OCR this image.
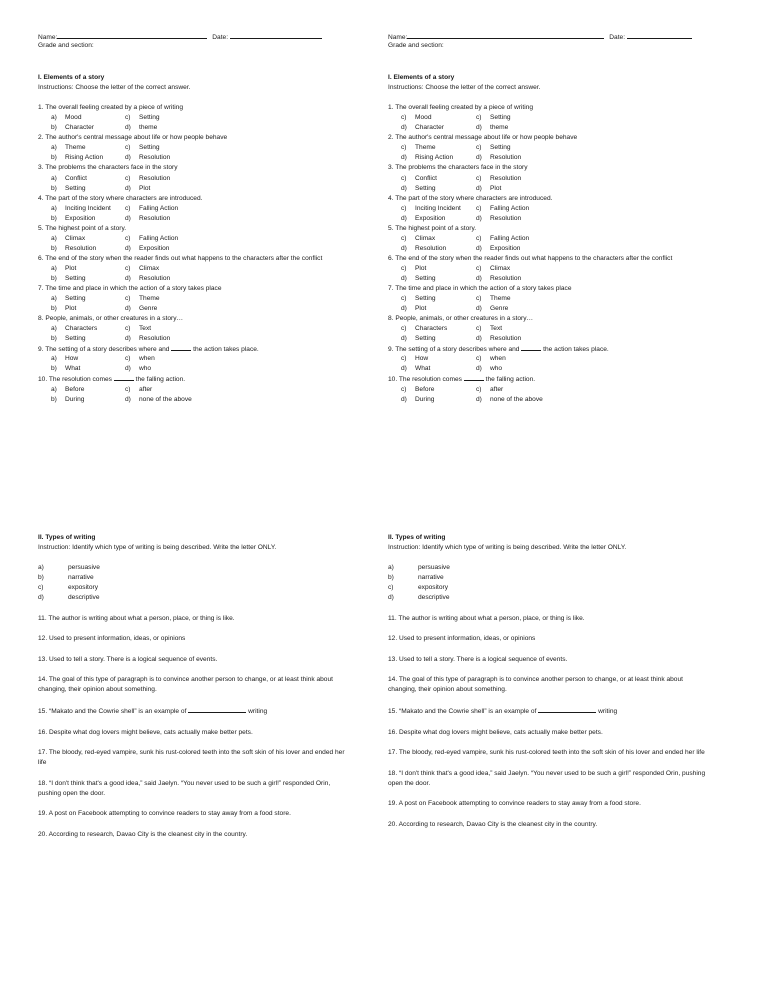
Name:	Date:
Grade and section:
I. Elements of a story
Instructions: Choose the letter of the correct answer.
1. The overall feeling created by a piece of writing
a) Mood	c) Setting
b) Character	d) theme
2. The author's central message about life or how people behave
a) Theme	c) Setting
b) Rising Action	d) Resolution
3. The problems the characters face in the story
a) Conflict	c) Resolution
b) Setting	d) Plot
4. The part of the story where characters are introduced.
a) Inciting Incident c) Falling Action
b) Exposition	d) Resolution
5. The highest point of a story.
a) Climax	c) Falling Action
b) Resolution	d) Exposition
6. The end of the story when the reader finds out what happens to the characters after the conflict
a) Plot	c) Climax
b) Setting	d) Resolution
7. The time and place in which the action of a story takes place
a) Setting	c) Theme
b) Plot	d) Genre
8. People, animals, or other creatures in a story…
a) Characters	c) Text
b) Setting	d) Resolution
9. The setting of a story describes where and	the action takes place.
a) How	c) when
b) What	d) who
10. The resolution comes	the falling action.
a) Before	c) after
b) During	d) none of the above
Name:	Date:
Grade and section:
I. Elements of a story
Instructions: Choose the letter of the correct answer.
1. The overall feeling created by a piece of writing
c) Mood	c) Setting
d) Character	d) theme
2. The author's central message about life or how people behave
c) Theme	c) Setting
d) Rising Action	d) Resolution
3. The problems the characters face in the story
c) Conflict	c) Resolution
d) Setting	d) Plot
4. The part of the story where characters are introduced.
c) Inciting Incident c) Falling Action
d) Exposition	d) Resolution
5. The highest point of a story.
c) Climax	c) Falling Action
d) Resolution	d) Exposition
6. The end of the story when the reader finds out what happens to the characters after the conflict
c) Plot	c) Climax
d) Setting	d) Resolution
7. The time and place in which the action of a story takes place
c) Setting	c) Theme
d) Plot	d) Genre
8. People, animals, or other creatures in a story…
c) Characters	c) Text
d) Setting	d) Resolution
9. The setting of a story describes where and	the action takes place.
c) How	c) when
d) What	d) who
10. The resolution comes	the falling action.
c) Before	c) after
d) During	d) none of the above
II. Types of writing
Instruction: Identify which type of writing is being described. Write the letter ONLY.
a)	persuasive
b)	narrative
c)	expository
d)	descriptive
11. The author is writing about what a person, place, or thing is like.
12. Used to present information, ideas, or opinions
13. Used to tell a story. There is a logical sequence of events.
14. The goal of this type of paragraph is to convince another person to change, or at least think about changing, their opinion about something.
15. “Makato and the Cowrie shell” is an example of	writing
16. Despite what dog lovers might believe, cats actually make better pets.
17. The bloody, red-eyed vampire, sunk his rust-colored teeth into the soft skin of his lover and ended her life
18. “I don't think that's a good idea,” said Jaelyn. “You never used to be such a girl!” responded Orin, pushing open the door.
19. A post on Facebook attempting to convince readers to stay away from a food store.
20. According to research, Davao City is the cleanest city in the country.
II. Types of writing
Instruction: Identify which type of writing is being described. Write the letter ONLY.
a)	persuasive
b)	narrative
c)	expository
d)	descriptive
11. The author is writing about what a person, place, or thing is like.
12. Used to present information, ideas, or opinions
13. Used to tell a story. There is a logical sequence of events.
14. The goal of this type of paragraph is to convince another person to change, or at least think about changing, their opinion about something.
15. “Makato and the Cowrie shell” is an example of	writing
16. Despite what dog lovers might believe, cats actually make better pets.
17. The bloody, red-eyed vampire, sunk his rust-colored teeth into the soft skin of his lover and ended her life
18. “I don't think that's a good idea,” said Jaelyn. “You never used to be such a girl!” responded Orin, pushing open the door.
19. A post on Facebook attempting to convince readers to stay away from a food store.
20. According to research, Davao City is the cleanest city in the country.
